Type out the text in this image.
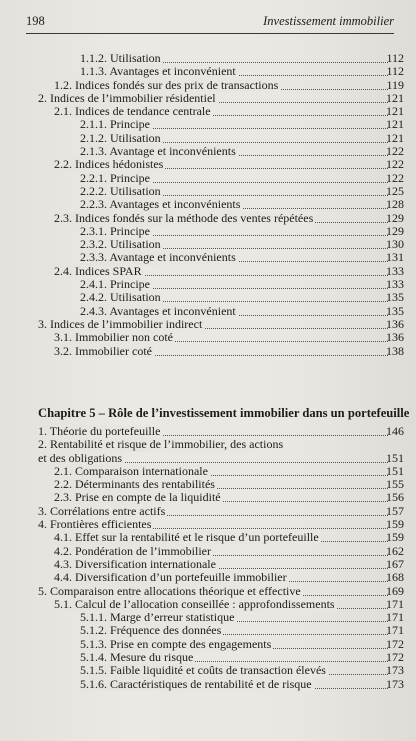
198	Investissement immobilier
1.1.2. Utilisation	112
1.1.3. Avantages et inconvénient	112
1.2. Indices fondés sur des prix de transactions	119
2. Indices de l’immobilier résidentiel	121
2.1. Indices de tendance centrale	121
2.1.1. Principe	121
2.1.2. Utilisation	121
2.1.3. Avantage et inconvénients	122
2.2. Indices hédonistes	122
2.2.1. Principe	122
2.2.2. Utilisation	125
2.2.3. Avantages et inconvénients	128
2.3. Indices fondés sur la méthode des ventes répétées	129
2.3.1. Principe	129
2.3.2. Utilisation	130
2.3.3. Avantage et inconvénients	131
2.4. Indices SPAR	133
2.4.1. Principe	133
2.4.2. Utilisation	135
2.4.3. Avantages et inconvénient	135
3. Indices de l’immobilier indirect	136
3.1. Immobilier non coté	136
3.2. Immobilier coté	138
Chapitre 5 – Rôle de l’investissement immobilier dans un portefeuille
1. Théorie du portefeuille	146
2. Rentabilité et risque de l’immobilier, des actions
et des obligations	151
2.1. Comparaison internationale	151
2.2. Déterminants des rentabilités	155
2.3. Prise en compte de la liquidité	156
3. Corrélations entre actifs	157
4. Frontières efficientes	159
4.1. Effet sur la rentabilité et le risque d’un portefeuille	159
4.2. Pondération de l’immobilier	162
4.3. Diversification internationale	167
4.4. Diversification d’un portefeuille immobilier	168
5. Comparaison entre allocations théorique et effective	169
5.1. Calcul de l’allocation conseillée : approfondissements	171
5.1.1. Marge d’erreur statistique	171
5.1.2. Fréquence des données	171
5.1.3. Prise en compte des engagements	172
5.1.4. Mesure du risque	172
5.1.5. Faible liquidité et coûts de transaction élevés	173
5.1.6. Caractéristiques de rentabilité et de risque	173
